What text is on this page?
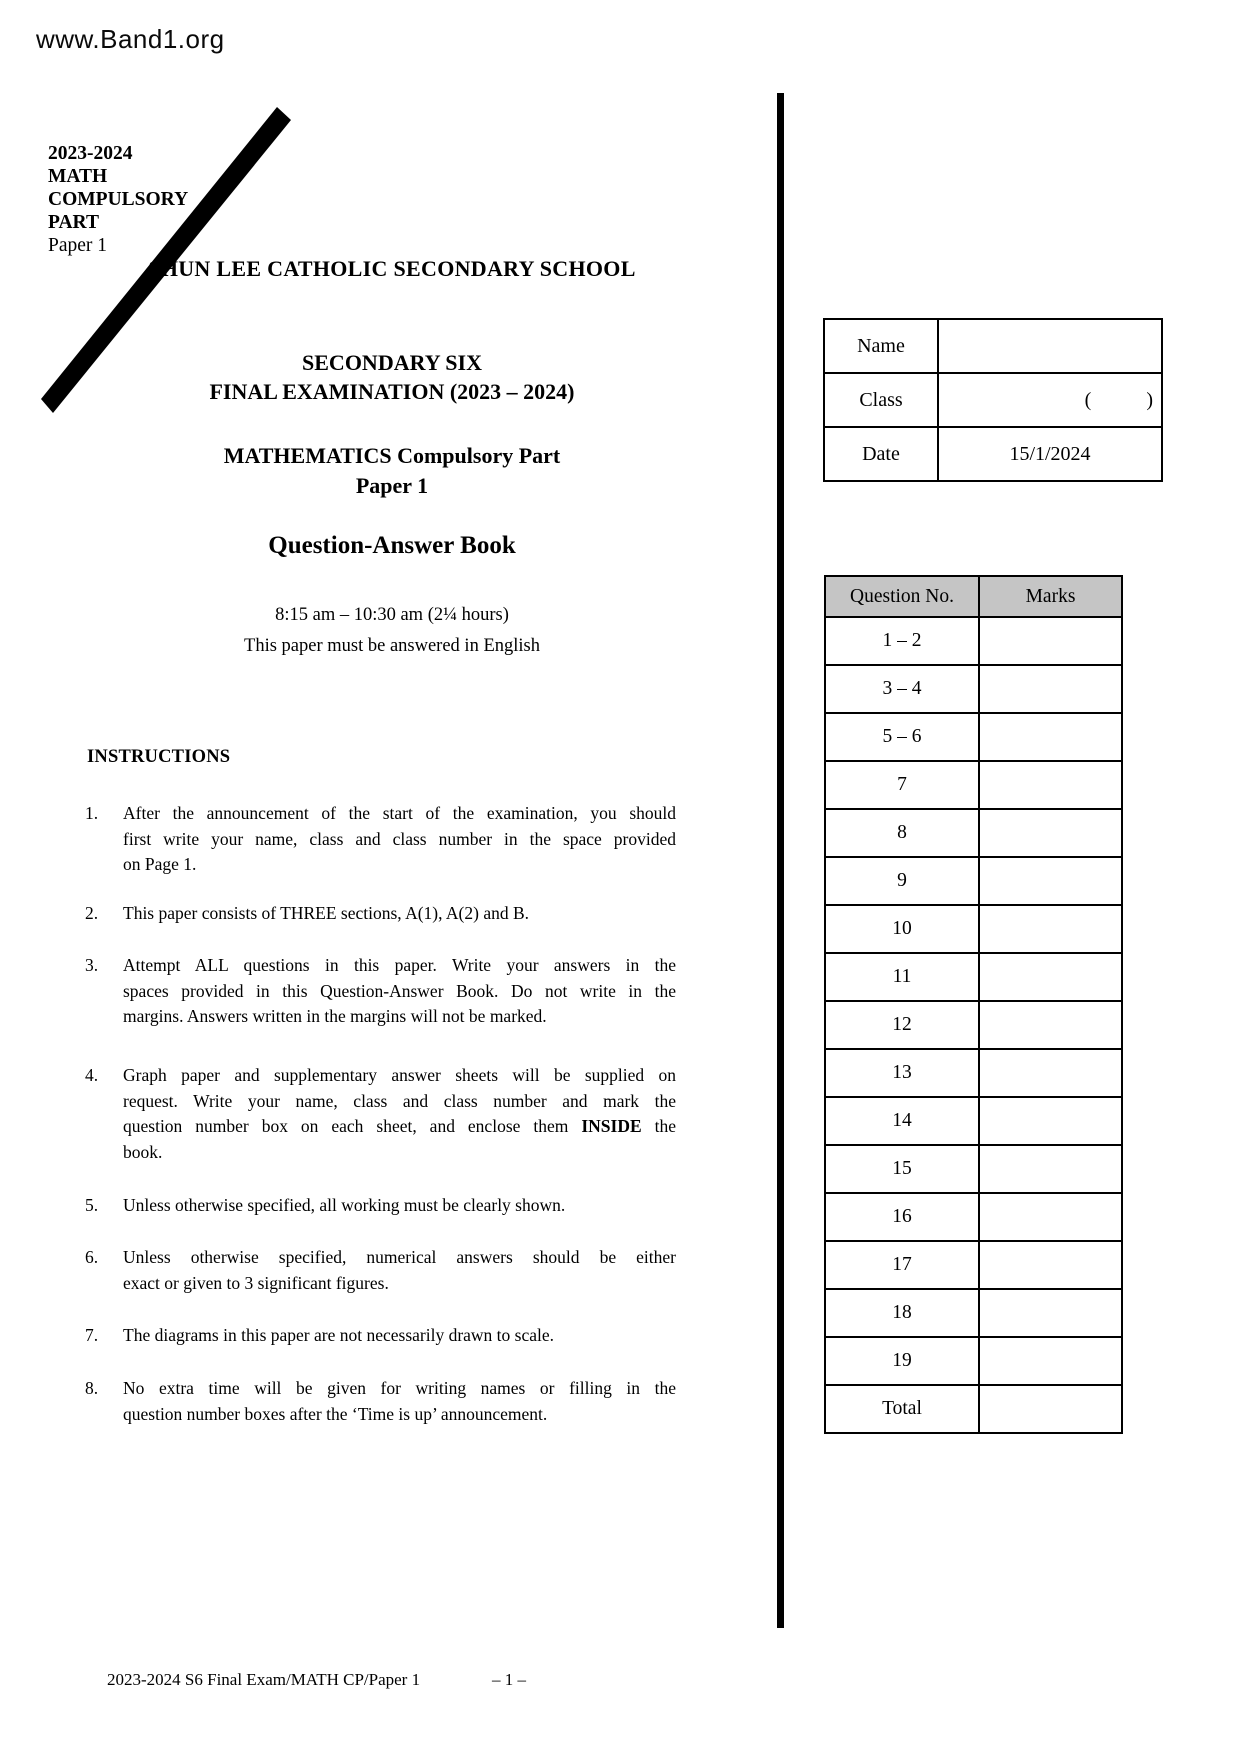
www.Band1.org
2023-2024
MATH
COMPULSORY
PART
Paper 1
SHUN LEE CATHOLIC SECONDARY SCHOOL
SECONDARY SIX
FINAL EXAMINATION (2023 – 2024)
MATHEMATICS Compulsory Part
Paper 1
Question-Answer Book
8:15 am – 10:30 am (2¼ hours)
This paper must be answered in English
INSTRUCTIONS
1. After the announcement of the start of the examination, you should
first write your name, class and class number in the space provided
on Page 1.
2. This paper consists of THREE sections, A(1), A(2) and B.
3. Attempt ALL questions in this paper. Write your answers in the
spaces provided in this Question-Answer Book. Do not write in the
margins. Answers written in the margins will not be marked.
4. Graph paper and supplementary answer sheets will be supplied on
request. Write your name, class and class number and mark the
question number box on each sheet, and enclose them INSIDE the
book.
5. Unless otherwise specified, all working must be clearly shown.
6. Unless otherwise specified, numerical answers should be either
exact or given to 3 significant figures.
7. The diagrams in this paper are not necessarily drawn to scale.
8. No extra time will be given for writing names or filling in the
question number boxes after the ‘Time is up’ announcement.
Name	
Class	(           )
Date	15/1/2024
Question No.	Marks
1 – 2	
3 – 4	
5 – 6	
7	
8	
9	
10	
11	
12	
13	
14	
15	
16	
17	
18	
19	
Total	
2023-2024 S6 Final Exam/MATH CP/Paper 1	– 1 –
